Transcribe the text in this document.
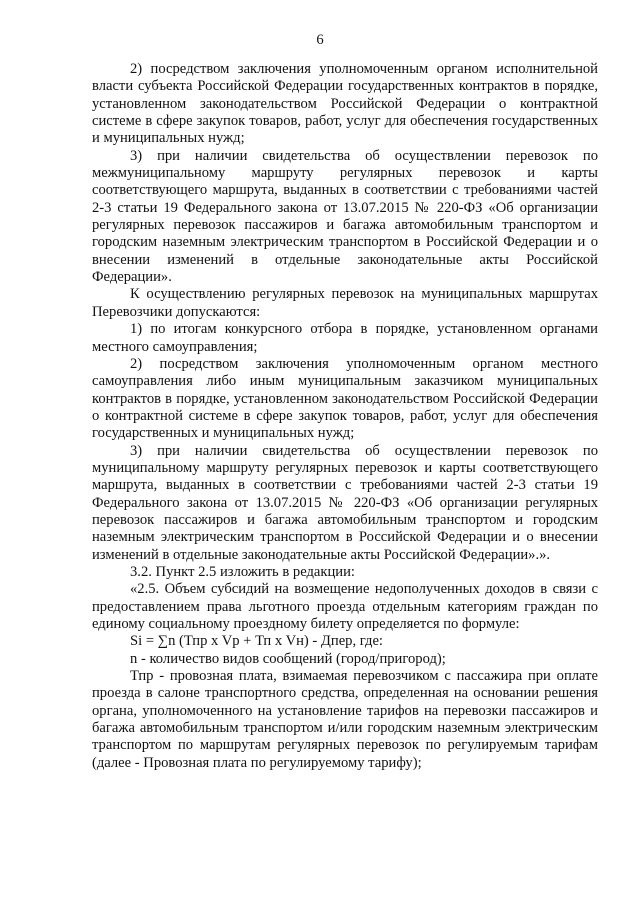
6

2) посредством заключения уполномоченным органом исполнительной власти субъекта Российской Федерации государственных контрактов в порядке, установленном законодательством Российской Федерации о контрактной системе в сфере закупок товаров, работ, услуг для обеспечения государственных и муниципальных нужд;

3) при наличии свидетельства об осуществлении перевозок по межмуниципальному маршруту регулярных перевозок и карты соответствующего маршрута, выданных в соответствии с требованиями частей 2-3 статьи 19 Федерального закона от 13.07.2015 № 220-ФЗ «Об организации регулярных перевозок пассажиров и багажа автомобильным транспортом и городским наземным электрическим транспортом в Российской Федерации и о внесении изменений в отдельные законодательные акты Российской Федерации».

К осуществлению регулярных перевозок на муниципальных маршрутах Перевозчики допускаются:

1) по итогам конкурсного отбора в порядке, установленном органами местного самоуправления;

2) посредством заключения уполномоченным органом местного самоуправления либо иным муниципальным заказчиком муниципальных контрактов в порядке, установленном законодательством Российской Федерации о контрактной системе в сфере закупок товаров, работ, услуг для обеспечения государственных и муниципальных нужд;

3) при наличии свидетельства об осуществлении перевозок по муниципальному маршруту регулярных перевозок и карты соответствующего маршрута, выданных в соответствии с требованиями частей 2-3 статьи 19 Федерального закона от 13.07.2015 № 220-ФЗ «Об организации регулярных перевозок пассажиров и багажа автомобильным транспортом и городским наземным электрическим транспортом в Российской Федерации и о внесении изменений в отдельные законодательные акты Российской Федерации».».

3.2. Пункт 2.5 изложить в редакции:

«2.5. Объем субсидий на возмещение недополученных доходов в связи с предоставлением права льготного проезда отдельным категориям граждан по единому социальному проездному билету определяется по формуле:

Si = ∑n (Тпр x Vр + Тп x Vн) - Дпер, где:

n - количество видов сообщений (город/пригород);

Тпр - провозная плата, взимаемая перевозчиком с пассажира при оплате проезда в салоне транспортного средства, определенная на основании решения органа, уполномоченного на установление тарифов на перевозки пассажиров и багажа автомобильным транспортом и/или городским наземным электрическим транспортом по маршрутам регулярных перевозок по регулируемым тарифам (далее - Провозная плата по регулируемому тарифу);
